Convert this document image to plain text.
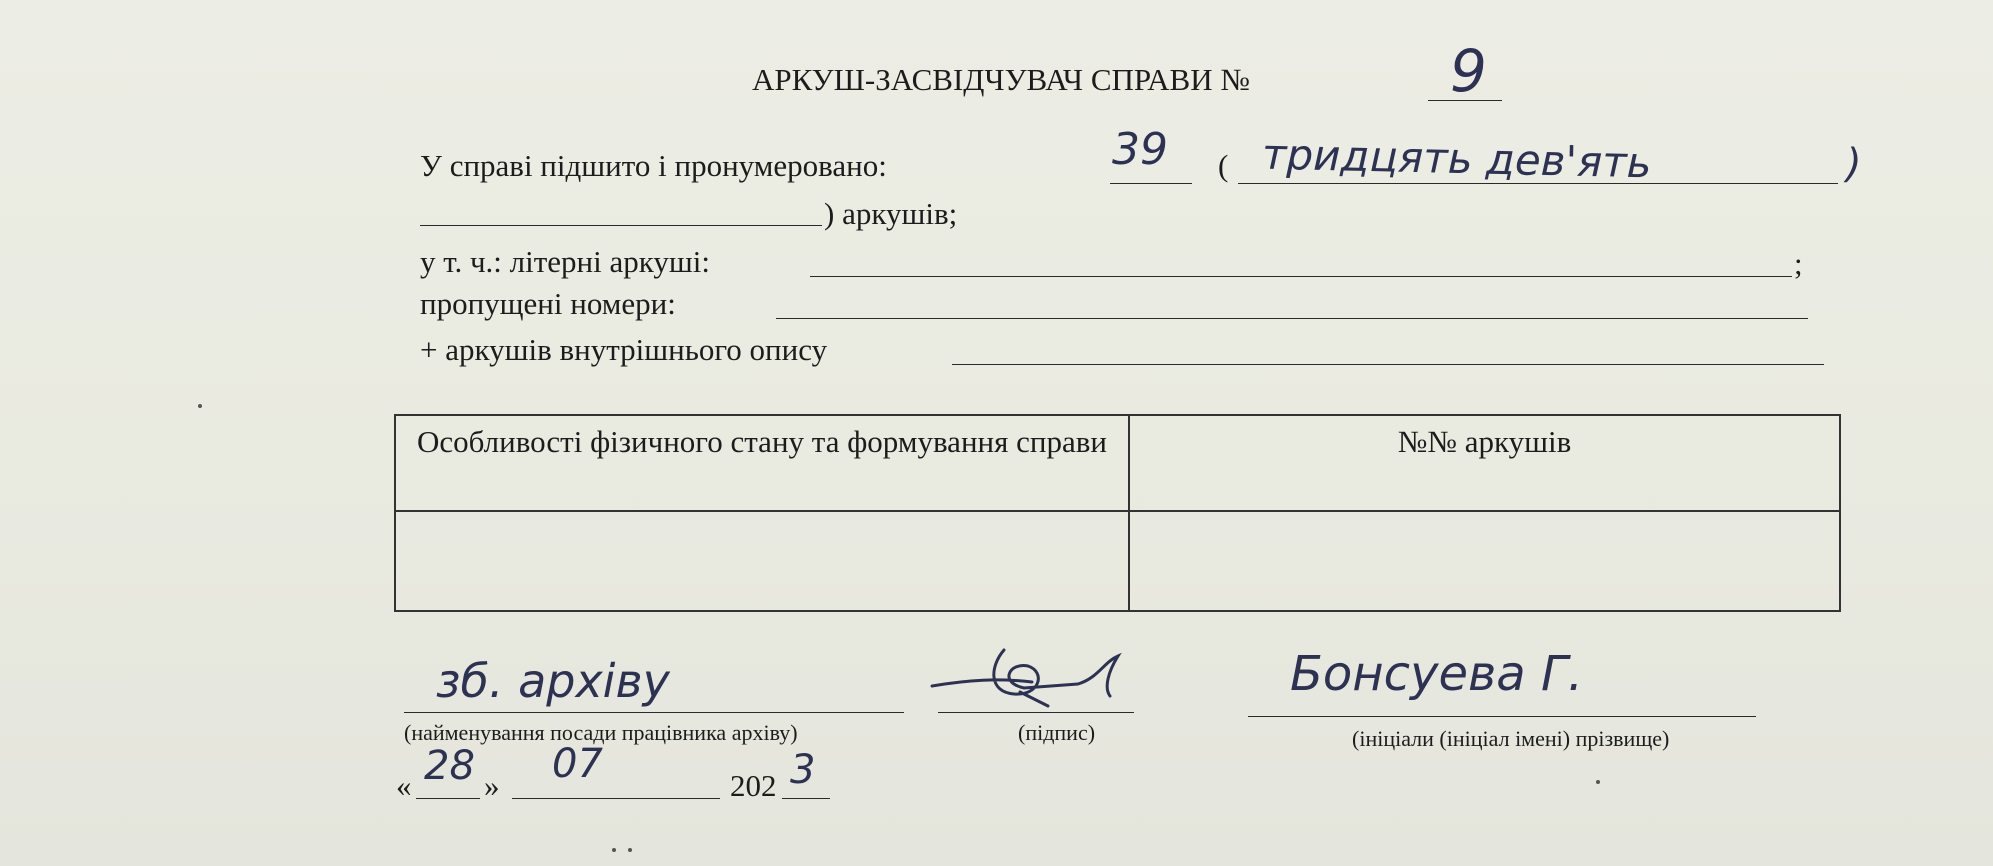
АРКУШ-ЗАСВІДЧУВАЧ СПРАВИ №	9
У справі підшито і пронумеровано:	39 ( тридцять дев'ять	)
) аркушів;
у т. ч.: літерні аркуші:	;
пропущені номери:
+ аркушів внутрішнього опису
Особливості фізичного стану та формування справи	№№ аркушів

зб. архіву
(найменування посади працівника архіву)	(підпис)
Бонсуева Г.
(ініціали (ініціал імені) прізвище)
« 28 » 07	202 3
